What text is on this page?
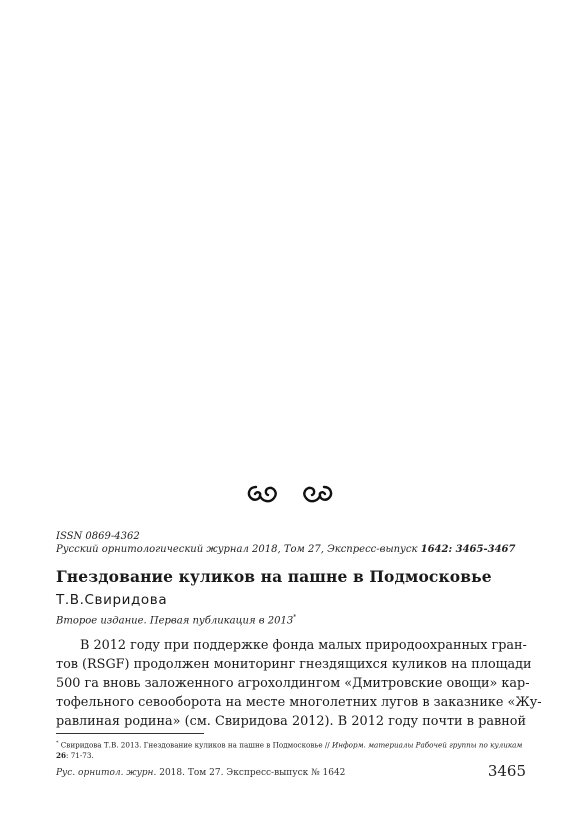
ISSN 0869-4362
Русский орнитологический журнал 2018, Том 27, Экспресс-выпуск 1642: 3465-3467
Гнездование куликов на пашне в Подмосковье
Т.В.Свиридова
Второе издание. Первая публикация в 2013*
В 2012 году при поддержке фонда малых природоохранных гран-
тов (RSGF) продолжен мониторинг гнездящихся куликов на площади
500 га вновь заложенного агрохолдингом «Дмитровские овощи» кар-
тофельного севооборота на месте многолетних лугов в заказнике «Жу-
равлиная родина» (см. Свиридова 2012). В 2012 году почти в равной
* Свиридова Т.В. 2013. Гнездование куликов на пашне в Подмосковье // Информ. материалы Рабочей группы по куликам
26: 71-73.
Рус. орнитол. журн. 2018. Том 27. Экспресс-выпуск № 1642	3465
